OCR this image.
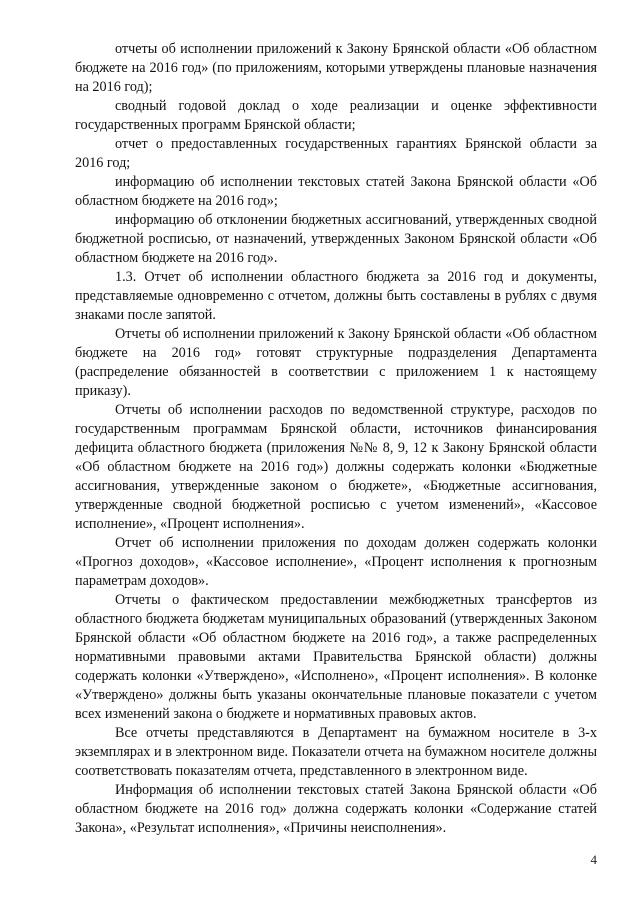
отчеты об исполнении приложений к Закону Брянской области «Об областном бюджете на 2016 год» (по приложениям, которыми утверждены плановые назначения на 2016 год);

сводный годовой доклад о ходе реализации и оценке эффективности государственных программ Брянской области;

отчет о предоставленных государственных гарантиях Брянской области за 2016 год;

информацию об исполнении текстовых статей Закона Брянской области «Об областном бюджете на 2016 год»;

информацию об отклонении бюджетных ассигнований, утвержденных сводной бюджетной росписью, от назначений, утвержденных Законом Брянской области «Об областном бюджете на 2016 год».

1.3. Отчет об исполнении областного бюджета за 2016 год и документы, представляемые одновременно с отчетом, должны быть составлены в рублях с двумя знаками после запятой.

Отчеты об исполнении приложений к Закону Брянской области «Об областном бюджете на 2016 год» готовят структурные подразделения Департамента (распределение обязанностей в соответствии с приложением 1 к настоящему приказу).

Отчеты об исполнении расходов по ведомственной структуре, расходов по государственным программам Брянской области, источников финансирования дефицита областного бюджета (приложения №№ 8, 9, 12 к Закону Брянской области «Об областном бюджете на 2016 год») должны содержать колонки «Бюджетные ассигнования, утвержденные законом о бюджете», «Бюджетные ассигнования, утвержденные сводной бюджетной росписью с учетом изменений», «Кассовое исполнение», «Процент исполнения».

Отчет об исполнении приложения по доходам должен содержать колонки «Прогноз доходов», «Кассовое исполнение», «Процент исполнения к прогнозным параметрам доходов».

Отчеты о фактическом предоставлении межбюджетных трансфертов из областного бюджета бюджетам муниципальных образований (утвержденных Законом Брянской области «Об областном бюджете на 2016 год», а также распределенных нормативными правовыми актами Правительства Брянской области) должны содержать колонки «Утверждено», «Исполнено», «Процент исполнения». В колонке «Утверждено» должны быть указаны окончательные плановые показатели с учетом всех изменений закона о бюджете и нормативных правовых актов.

Все отчеты представляются в Департамент на бумажном носителе в 3-х экземплярах и в электронном виде. Показатели отчета на бумажном носителе должны соответствовать показателям отчета, представленного в электронном виде.

Информация об исполнении текстовых статей Закона Брянской области «Об областном бюджете на 2016 год» должна содержать колонки «Содержание статей Закона», «Результат исполнения», «Причины неисполнения».

4
